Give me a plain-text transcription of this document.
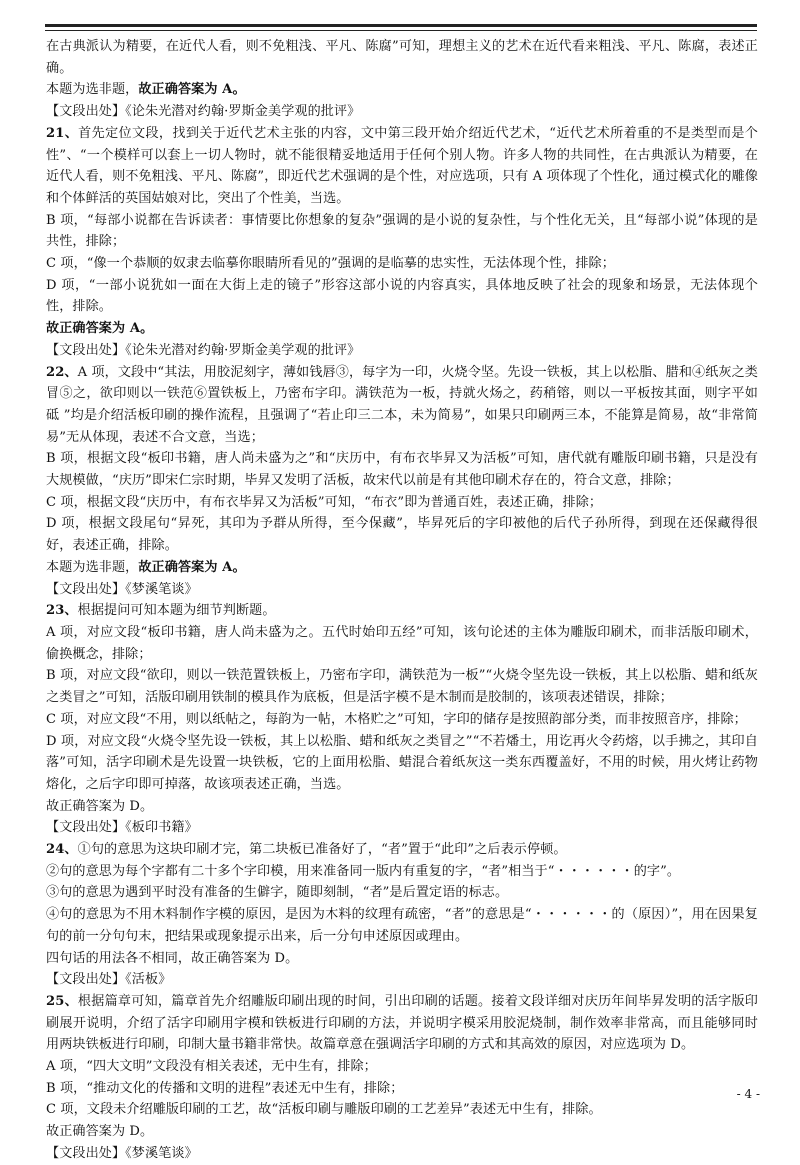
在古典派认为精要，在近代人看，则不免粗浅、平凡、陈腐”可知，理想主义的艺术在近代看来粗浅、平凡、陈腐，表述正确。

本题为选非题，故正确答案为 A。

【文段出处】《论朱光潜对约翰·罗斯金美学观的批评》

21、首先定位文段，找到关于近代艺术主张的内容，文中第三段开始介绍近代艺术，“近代艺术所着重的不是类型而是个性”、“一个模样可以套上一切人物时，就不能很精妥地适用于任何个别人物。许多人物的共同性，在古典派认为精要，在近代人看，则不免粗浅、平凡、陈腐”，即近代艺术强调的是个性，对应选项，只有 A 项体现了个性化，通过模式化的雕像和个体鲜活的英国姑娘对比，突出了个性美，当选。

B 项，“每部小说都在告诉读者：事情要比你想象的复杂”强调的是小说的复杂性，与个性化无关，且“每部小说”体现的是共性，排除；

C 项，“像一个恭顺的奴隶去临摹你眼睛所看见的”强调的是临摹的忠实性，无法体现个性，排除；

D 项，“一部小说犹如一面在大街上走的镜子”形容这部小说的内容真实，具体地反映了社会的现象和场景，无法体现个性，排除。

故正确答案为 A。

【文段出处】《论朱光潜对约翰·罗斯金美学观的批评》

22、A 项，文段中“其法，用胶泥刻字，薄如钱唇③，每字为一印，火烧令坚。先设一铁板，其上以松脂、腊和④纸灰之类冒⑤之，欲印则以一铁范⑥置铁板上，乃密布字印。满铁范为一板，持就火炀之，药稍镕，则以一平板按其面，则字平如砥 ”均是介绍活板印刷的操作流程，且强调了“若止印三二本，未为简易”，如果只印刷两三本，不能算是简易，故“非常简易”无从体现，表述不合文意，当选；

B 项，根据文段“板印书籍，唐人尚未盛为之”和“庆历中，有布衣毕昇又为活板”可知，唐代就有雕版印刷书籍，只是没有大规模做，“庆历”即宋仁宗时期，毕昇又发明了活板，故宋代以前是有其他印刷术存在的，符合文意，排除；

C 项，根据文段“庆历中，有布衣毕昇又为活板”可知，“布衣”即为普通百姓，表述正确，排除；

D 项，根据文段尾句“昇死，其印为予群从所得，至今保藏”，毕昇死后的字印被他的后代子孙所得，到现在还保藏得很好，表述正确，排除。

本题为选非题，故正确答案为 A。

【文段出处】《梦溪笔谈》

23、根据提问可知本题为细节判断题。

A 项，对应文段“板印书籍，唐人尚未盛为之。五代时始印五经”可知，该句论述的主体为雕版印刷术，而非活版印刷术，偷换概念，排除；

B 项，对应文段“欲印，则以一铁范置铁板上，乃密布字印，满铁范为一板”“火烧令坚先设一铁板，其上以松脂、蜡和纸灰之类冒之”可知，活版印刷用铁制的模具作为底板，但是活字模不是木制而是胶制的，该项表述错误，排除；

C 项，对应文段“不用，则以纸帖之，每韵为一帖，木格贮之”可知，字印的储存是按照韵部分类，而非按照音序，排除；

D 项，对应文段“火烧令坚先设一铁板，其上以松脂、蜡和纸灰之类冒之”“不若燔土，用讫再火令药熔，以手拂之，其印自落”可知，活字印刷术是先设置一块铁板，它的上面用松脂、蜡混合着纸灰这一类东西覆盖好，不用的时候，用火烤让药物熔化，之后字印即可掉落，故该项表述正确，当选。

故正确答案为 D。

【文段出处】《板印书籍》

24、①句的意思为这块印刷才完，第二块板已准备好了，“者”置于“此印”之后表示停顿。

②句的意思为每个字都有二十多个字印模，用来准备同一版内有重复的字，“者”相当于“・・・・・・的字”。

③句的意思为遇到平时没有准备的生僻字，随即刻制，“者”是后置定语的标志。

④句的意思为不用木料制作字模的原因，是因为木料的纹理有疏密，“者”的意思是“・・・・・・的（原因）”，用在因果复句的前一分句句末，把结果或现象提示出来，后一分句申述原因或理由。

四句话的用法各不相同，故正确答案为 D。

【文段出处】《活板》

25、根据篇章可知，篇章首先介绍雕版印刷出现的时间，引出印刷的话题。接着文段详细对庆历年间毕昇发明的活字版印刷展开说明，介绍了活字印刷用字模和铁板进行印刷的方法，并说明字模采用胶泥烧制，制作效率非常高，而且能够同时用两块铁板进行印刷，印制大量书籍非常快。故篇章意在强调活字印刷的方式和其高效的原因，对应选项为 D。

A 项，“四大文明”文段没有相关表述，无中生有，排除；

B 项，“推动文化的传播和文明的进程”表述无中生有，排除；

C 项，文段未介绍雕版印刷的工艺，故“活板印刷与雕版印刷的工艺差异”表述无中生有，排除。

故正确答案为 D。

【文段出处】《梦溪笔谈》

- 4 -
